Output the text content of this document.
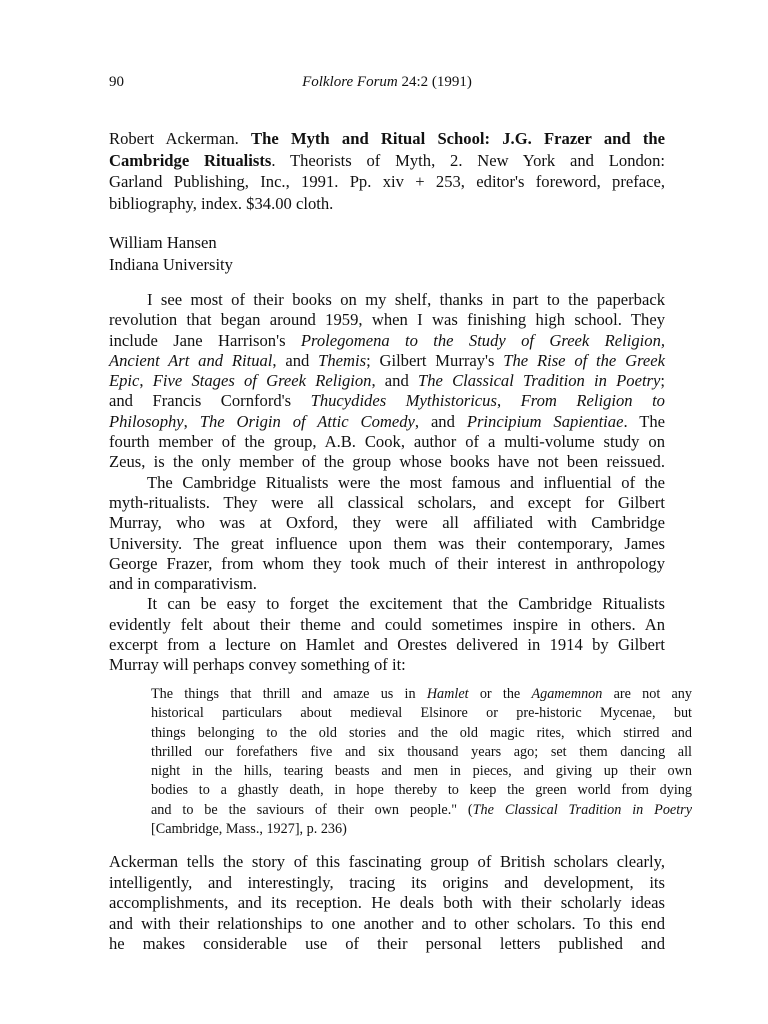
90	Folklore Forum 24:2 (1991)
Robert Ackerman. The Myth and Ritual School: J.G. Frazer and the
Cambridge Ritualists. Theorists of Myth, 2. New York and London:
Garland Publishing, Inc., 1991. Pp. xiv + 253, editor's foreword, preface,
bibliography, index. $34.00 cloth.
William Hansen
Indiana University
I see most of their books on my shelf, thanks in part to the paperback
revolution that began around 1959, when I was finishing high school. They
include Jane Harrison's Prolegomena to the Study of Greek Religion,
Ancient Art and Ritual, and Themis; Gilbert Murray's The Rise of the Greek
Epic, Five Stages of Greek Religion, and The Classical Tradition in Poetry;
and Francis Cornford's Thucydides Mythistoricus, From Religion to
Philosophy, The Origin of Attic Comedy, and Principium Sapientiae. The
fourth member of the group, A.B. Cook, author of a multi-volume study on
Zeus, is the only member of the group whose books have not been reissued.
The Cambridge Ritualists were the most famous and influential of the
myth-ritualists. They were all classical scholars, and except for Gilbert
Murray, who was at Oxford, they were all affiliated with Cambridge
University. The great influence upon them was their contemporary, James
George Frazer, from whom they took much of their interest in anthropology
and in comparativism.
It can be easy to forget the excitement that the Cambridge Ritualists
evidently felt about their theme and could sometimes inspire in others. An
excerpt from a lecture on Hamlet and Orestes delivered in 1914 by Gilbert
Murray will perhaps convey something of it:
The things that thrill and amaze us in Hamlet or the Agamemnon are not any
historical particulars about medieval Elsinore or pre-historic Mycenae, but
things belonging to the old stories and the old magic rites, which stirred and
thrilled our forefathers five and six thousand years ago; set them dancing all
night in the hills, tearing beasts and men in pieces, and giving up their own
bodies to a ghastly death, in hope thereby to keep the green world from dying
and to be the saviours of their own people." (The Classical Tradition in Poetry
[Cambridge, Mass., 1927], p. 236)
Ackerman tells the story of this fascinating group of British scholars clearly,
intelligently, and interestingly, tracing its origins and development, its
accomplishments, and its reception. He deals both with their scholarly ideas
and with their relationships to one another and to other scholars. To this end
he makes considerable use of their personal letters published and
